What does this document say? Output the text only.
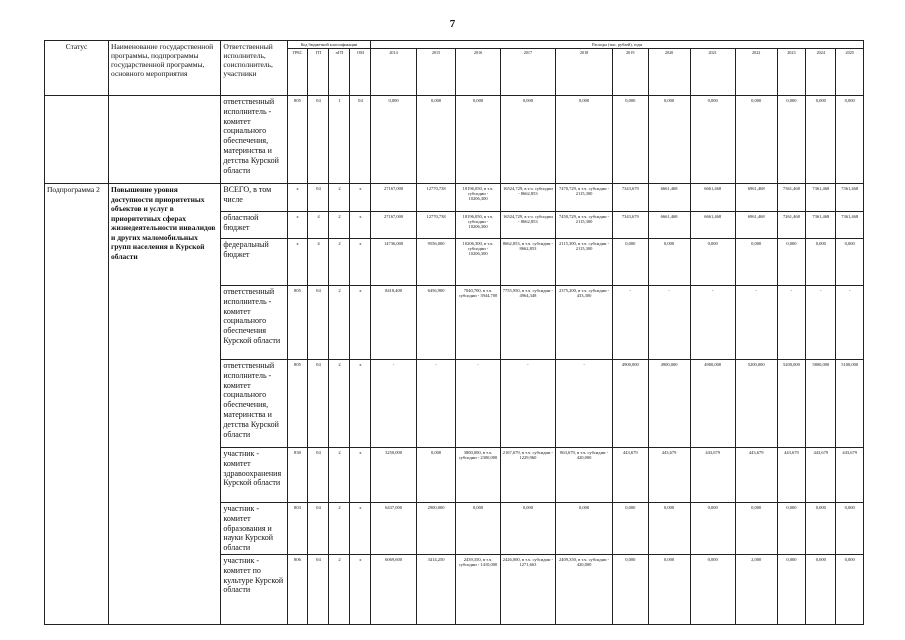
7
Статус	Наименование государственной программы, подпрограммы государственной программы, основного мероприятия	Ответственный исполнитель, соисполнитель, участники	Код бюджетной классификации				Расходы (тыс. рублей), годы											
			ГРБС	ГП	пГП	ОМ	2014	2015	2016	2017	2018	2019	2020	2021	2022	2023	2024	2025
		ответственный исполнитель - комитет социального обеспечения, материнства и детства Курской области	805	04	1	04	0,000	0,000	0,000	0,000	0,000	0,000	0,000	0,000	0,000	0,000	0,000	0,000
Подпрограмма 2	Повышение уровня доступности приоритетных объектов и услуг в приоритетных сферах жизнедеятельности инвалидов и других маломобильных групп населения в Курской области	ВСЕГО, в том числе	x	04	2	x	27167,000	12770,738	18196,050, в т.ч. субсидии - 10206,300	16524,729, в т.ч. субсидии - 8662,853	7470,729, в т.ч. субсидии - 2115,300	7343,679	6661,468	6661,468	6961,468	7361,468	7361,468	7361,468
		областной бюджет	x	4	2	x	27167,000	12770,738	18196,050, в т.ч. субсидии - 10206,300	16524,729, в т.ч. субсидии - 8662,853	7450,729, в т.ч. субсидии - 2115,300	7343,679	6661,468	6661,468	6961,468	7261,468	7361,468	7361,468
		федеральный бюджет	x	4	2	x	14736,000	9556,000	10206,300, в т.ч. субсидии - 10206,300	8662,853, в т.ч. субсидии - 8662,853	2115,300, в т.ч. субсидии - 2115,300	0,000	0,000	0,000	0,000	0,000	0,000	0,000
		ответственный исполнитель - комитет социального обеспечения Курской области	805	04	2	x	8418,400	6456,900	7040,700, в т.ч. субсидии - 3944,700	7755,950, в т.ч. субсидии - 4964,348	2375,200, в т.ч. субсидии - 433,300	-	-	-	-	-	-	-
		ответственный исполнитель - комитет социального обеспечения, материнства и детства Курской области	805	04	2	x	-	-	-	-	-	4900,000	4900,000	4900,000	5200,000	5200,000	5800,000	5100,000
		участник - комитет здравоохранения Курской области	830	04	2	x	3250,000	0,000	3800,000, в т.ч. субсидии - 2300,000	2167,679, в т.ч. субсидии - 1229,960	863,679, в т.ч. субсидии - 420,000	443,679	443,679	443,679	443,679	443,679	443,679	443,679
		участник - комитет образования и науки Курской области	803	04	2	x	6437,000	2900,000	0,000	0,000	0,000	0,000	0,000	0,000	0,000	0,000	0,000	0,000
		участник - комитет по культуре Курской области	806	04	2	x	6069,600	3414,250	2439,350, в т.ч. субсидии - 1410,000	2426,000, в т.ч. субсидии - 1271,663	2409,350, в т.ч. субсидии - 420,000	0,000	0,000	0,000	2,000	0,000	0,000	0,000
